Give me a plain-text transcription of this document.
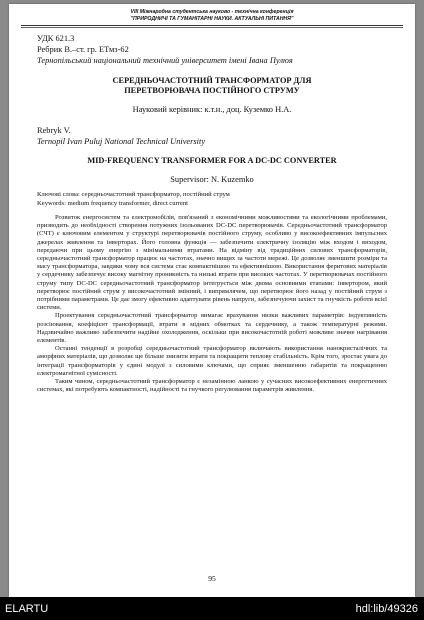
VIII Міжнародна студентська науково - технічна конференція
"ПРИРОДНИЧІ ТА ГУМАНІТАРНІ НАУКИ. АКТУАЛЬНІ ПИТАННЯ"
УДК 621.3
Ребрик В.–ст. гр. ЕТмз-62
Тернопільський національний технічний університет імені Івана Пулюя
СЕРЕДНЬОЧАСТОТНИЙ ТРАНСФОРМАТОР ДЛЯ
ПЕРЕТВОРЮВАЧА ПОСТІЙНОГО СТРУМУ
Науковий керівник: к.т.н., доц. Куземко Н.А.
Rebryk V.
Ternopil Ivan Puluj National Technical University
MID-FREQUENCY TRANSFORMER FOR A DC-DC CONVERTER
Supervisor: N. Kuzemko
Ключові слова: середньочастотний трансформатор, постійний струм
Keywords: medium frequency transformer, direct current

Розвиток енергосистем та електромобілів, пов'язаний з економічними можливостями та екологічними проблемами, призводить до необхідності створення потужних ізольованих DC-DC перетворювачів. Середньочастотний трансформатор (СЧТ) є ключовим елементом у структурі перетворювачів постійного струму, особливо у високоефективних імпульсних джерелах живлення та інверторах. Його головна функція — забезпечити електричну ізоляцію між входом і виходом, передаючи при цьому енергію з мінімальними втратами. На відміну від традиційних силових трансформаторів, середньочастотний трансформатор працює на частотах, значно вищих за частоти мережі. Це дозволяє зменшити розміри та масу трансформатора, завдяки чому вся система стає компактнішою та ефективнішою. Використання феритових матеріалів у сердечнику забезпечує високу магнітну проникність та низькі втрати при високих частотах. У перетворювачах постійного струму типу DC-DC середньочастотний трансформатор інтегрується між двома основними етапами: інвертором, який перетворює постійний струм у високочастотний змінний, і випрямлячем, що перетворює його назад у постійний струм з потрібними параметрами. Це дає змогу ефективно адаптувати рівень напруги, забезпечуючи захист та гнучкість роботи всієї системи.

Проектування середньочастотний трансформатор вимагає врахування низки важливих параметрів: індуктивність розсіювання, коефіцієнт трансформації, втрати в мідних обмотках та сердечнику, а також температурні режими. Надзвичайно важливо забезпечити надійне охолодження, оскільки при високочастотній роботі можливе значне нагрівання елементів.

Останні тенденції в розробці середньочастотний трансформатор включають використання нанокристалічних та аморфних матеріалів, що дозволяє ще більше знизити втрати та покращити теплову стабільність. Крім того, зростає увага до інтеграції трансформаторів у єдині модулі з силовими ключами, що сприяє зменшенню габаритів та покращенню електромагнітної сумісності.

Таким чином, середньочастотний трансформатор є незамінною ланкою у сучасних високоефективних енергетичних системах, які потребують компактності, надійності та гнучкого регулювання параметрів живлення.

95
ELARTU	hdl:lib/49326
